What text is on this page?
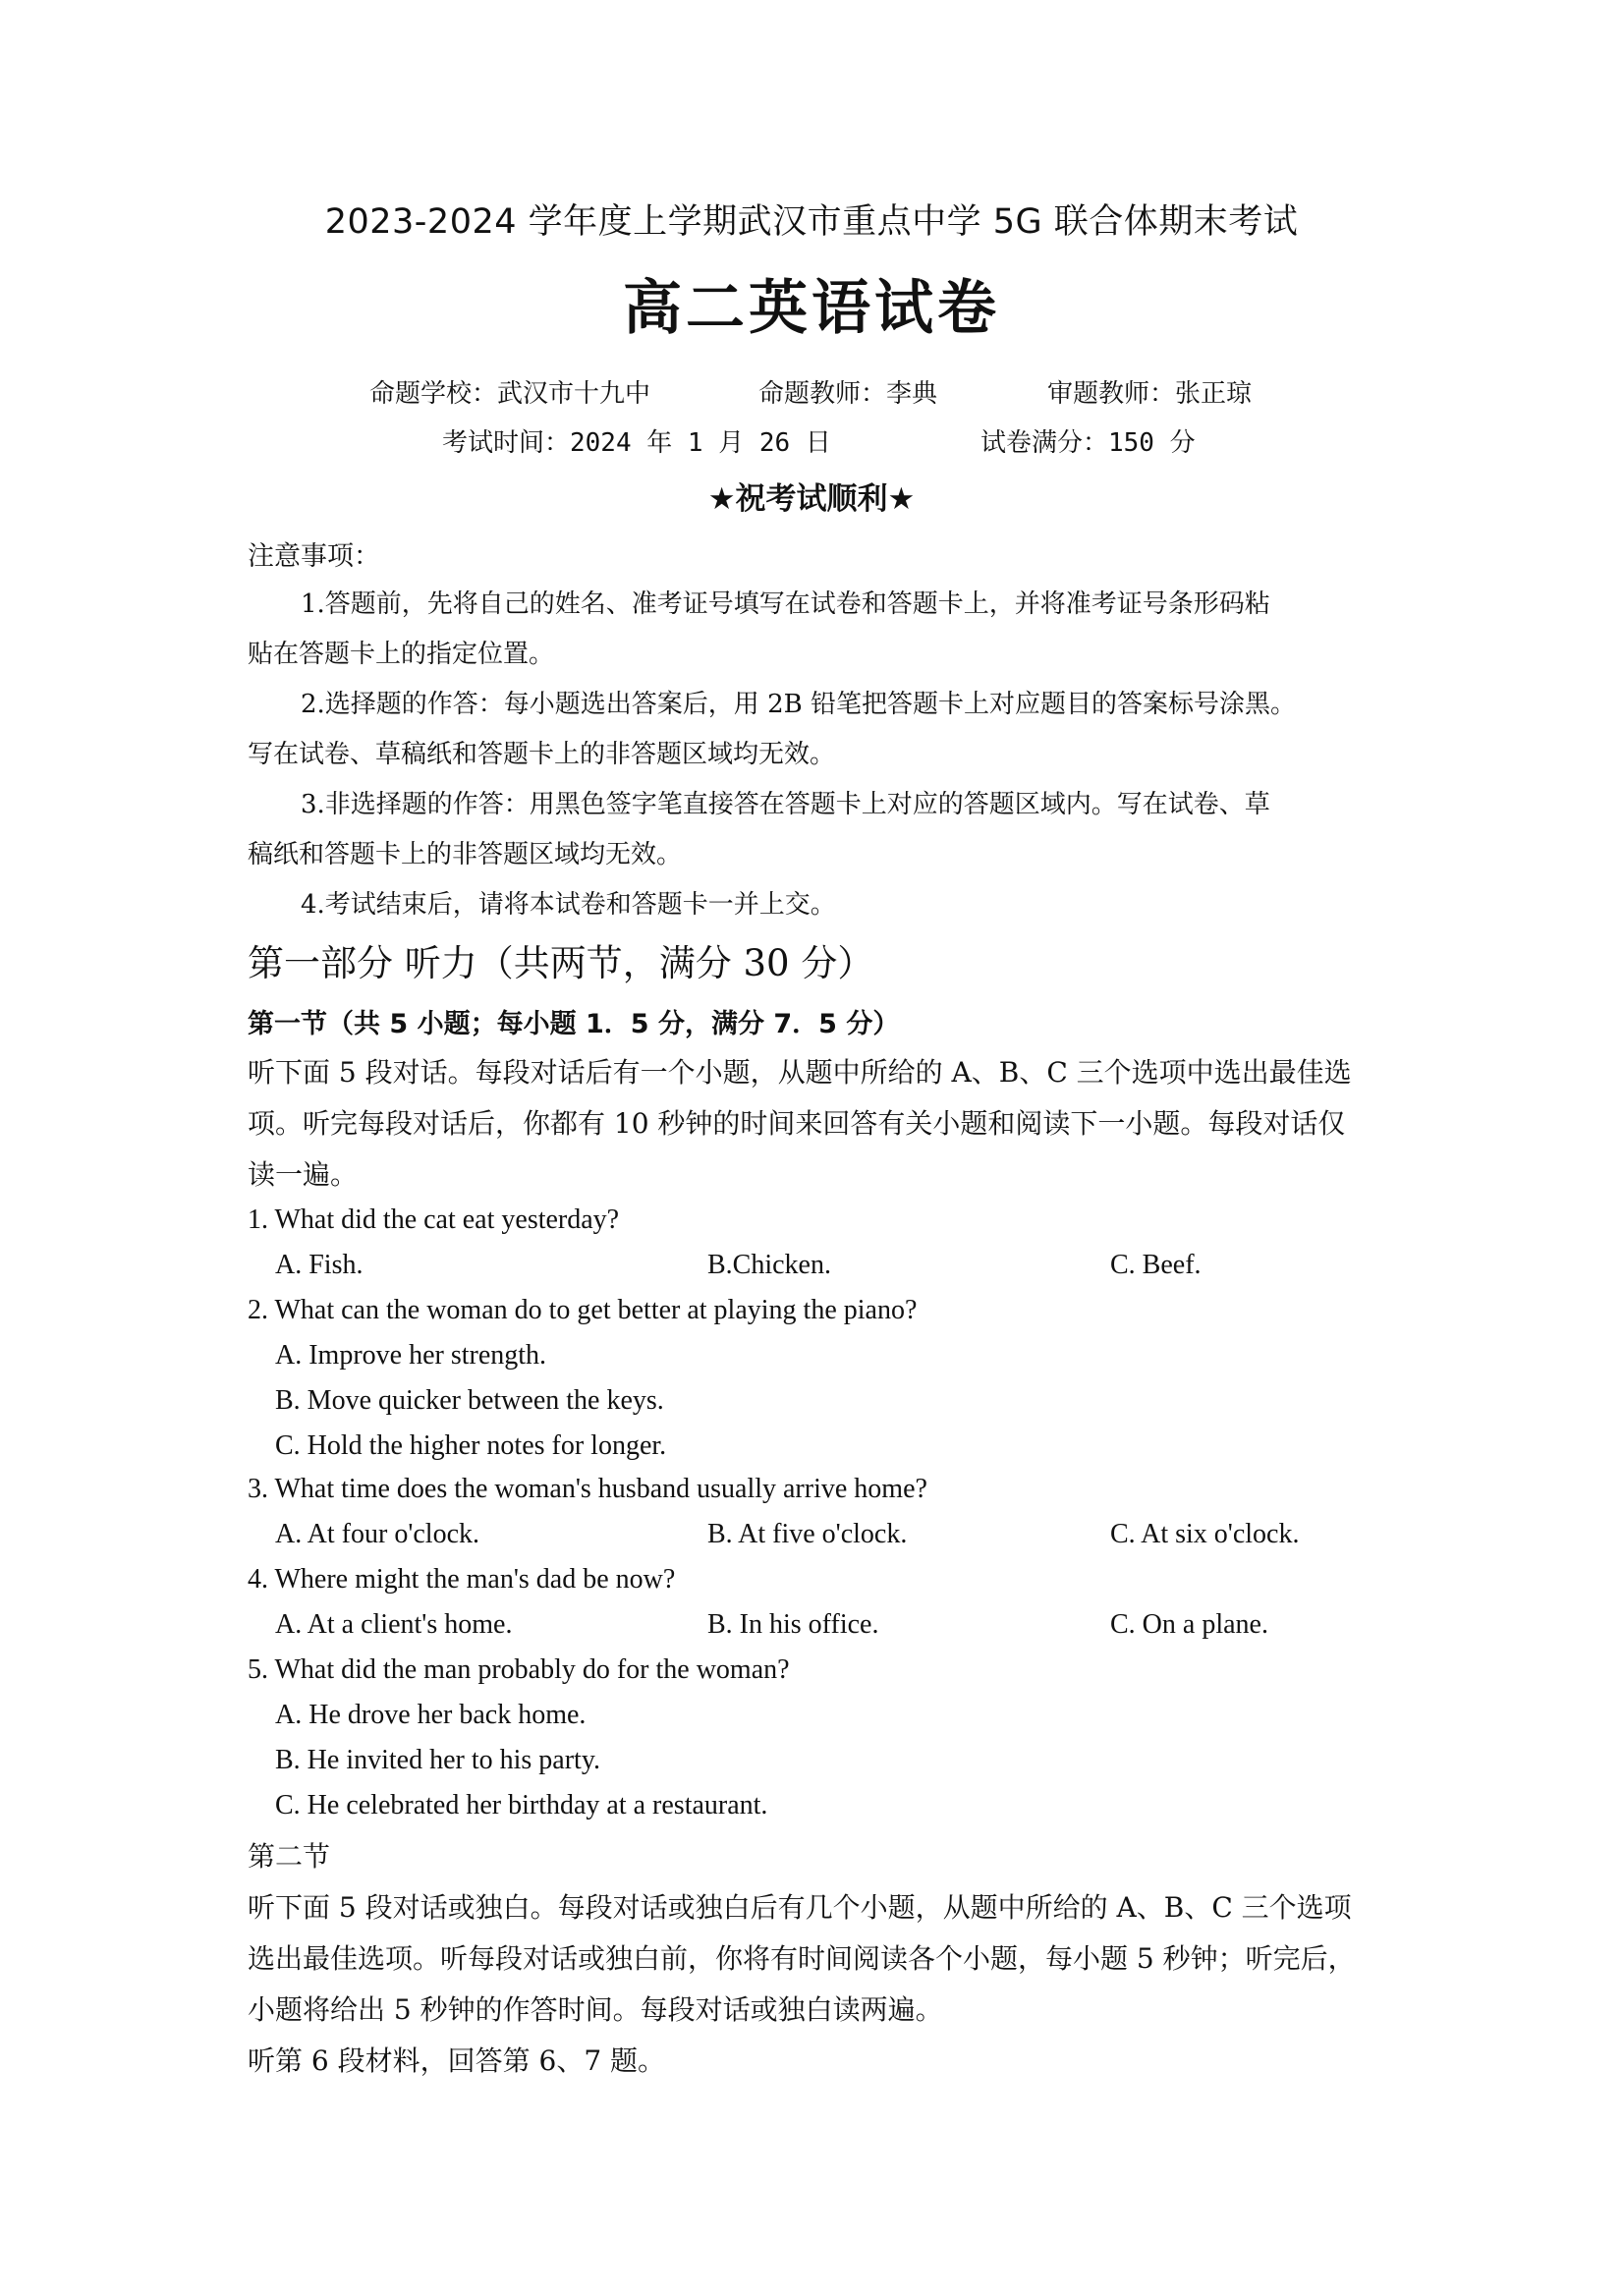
2023-2024 学年度上学期武汉市重点中学 5G 联合体期末考试
高二英语试卷
命题学校：武汉市十九中	命题教师：李典	审题教师：张正琼
考试时间：2024 年 1 月 26 日	试卷满分：150 分
★祝考试顺利★
注意事项：
1.答题前，先将自己的姓名、准考证号填写在试卷和答题卡上，并将准考证号条形码粘
贴在答题卡上的指定位置。
2.选择题的作答：每小题选出答案后，用 2B 铅笔把答题卡上对应题目的答案标号涂黑。
写在试卷、草稿纸和答题卡上的非答题区域均无效。
3.非选择题的作答：用黑色签字笔直接答在答题卡上对应的答题区域内。写在试卷、草
稿纸和答题卡上的非答题区域均无效。
4.考试结束后，请将本试卷和答题卡一并上交。
第一部分 听力（共两节，满分 30 分）
第一节（共 5 小题；每小题 1．5 分，满分 7．5 分）
听下面 5 段对话。每段对话后有一个小题，从题中所给的 A、B、C 三个选项中选出最佳选
项。听完每段对话后，你都有 10 秒钟的时间来回答有关小题和阅读下一小题。每段对话仅
读一遍。
1. What did the cat eat yesterday?
A. Fish.	B.Chicken.	C. Beef.
2. What can the woman do to get better at playing the piano?
A. Improve her strength.
B. Move quicker between the keys.
C. Hold the higher notes for longer.
3. What time does the woman's husband usually arrive home?
A. At four o'clock.	B. At five o'clock.	C. At six o'clock.
4. Where might the man's dad be now?
A. At a client's home.	B. In his office.	C. On a plane.
5. What did the man probably do for the woman?
A. He drove her back home.
B. He invited her to his party.
C. He celebrated her birthday at a restaurant.
第二节
听下面 5 段对话或独白。每段对话或独白后有几个小题，从题中所给的 A、B、C 三个选项
选出最佳选项。听每段对话或独白前，你将有时间阅读各个小题，每小题 5 秒钟；听完后，
小题将给出 5 秒钟的作答时间。每段对话或独白读两遍。
听第 6 段材料，回答第 6、7 题。
